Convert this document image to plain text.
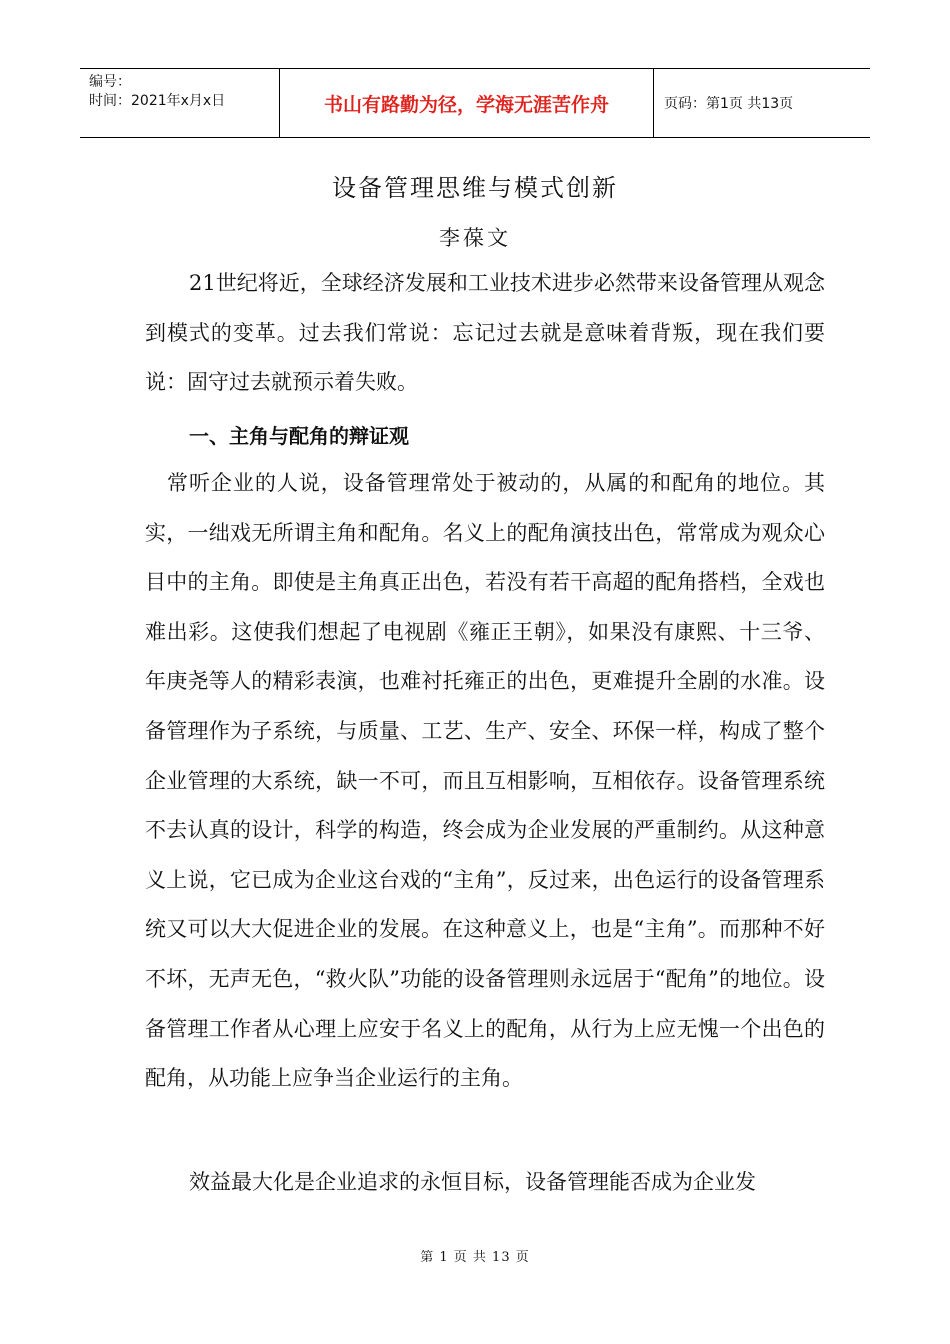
编号：
时间：2021年x月x日	书山有路勤为径，学海无涯苦作舟	页码：第1页 共13页
设备管理思维与模式创新
李葆文

21世纪将近，全球经济发展和工业技术进步必然带来设备管理从观念到模式的变革。过去我们常说：忘记过去就是意味着背叛，现在我们要说：固守过去就预示着失败。

一、主角与配角的辩证观

常听企业的人说，设备管理常处于被动的，从属的和配角的地位。其实，一绌戏无所谓主角和配角。名义上的配角演技出色，常常成为观众心目中的主角。即使是主角真正出色，若没有若干高超的配角搭档，全戏也难出彩。这使我们想起了电视剧《雍正王朝》，如果没有康熙、十三爷、年庚尧等人的精彩表演，也难衬托雍正的出色，更难提升全剧的水准。设备管理作为子系统，与质量、工艺、生产、安全、环保一样，构成了整个企业管理的大系统，缺一不可，而且互相影响，互相依存。设备管理系统不去认真的设计，科学的构造，终会成为企业发展的严重制约。从这种意义上说，它已成为企业这台戏的“主角”，反过来，出色运行的设备管理系统又可以大大促进企业的发展。在这种意义上，也是“主角”。而那种不好不坏，无声无色，“救火队”功能的设备管理则永远居于“配角”的地位。设备管理工作者从心理上应安于名义上的配角，从行为上应无愧一个出色的配角，从功能上应争当企业运行的主角。

效益最大化是企业追求的永恒目标，设备管理能否成为企业发

第 1 页 共 13 页
